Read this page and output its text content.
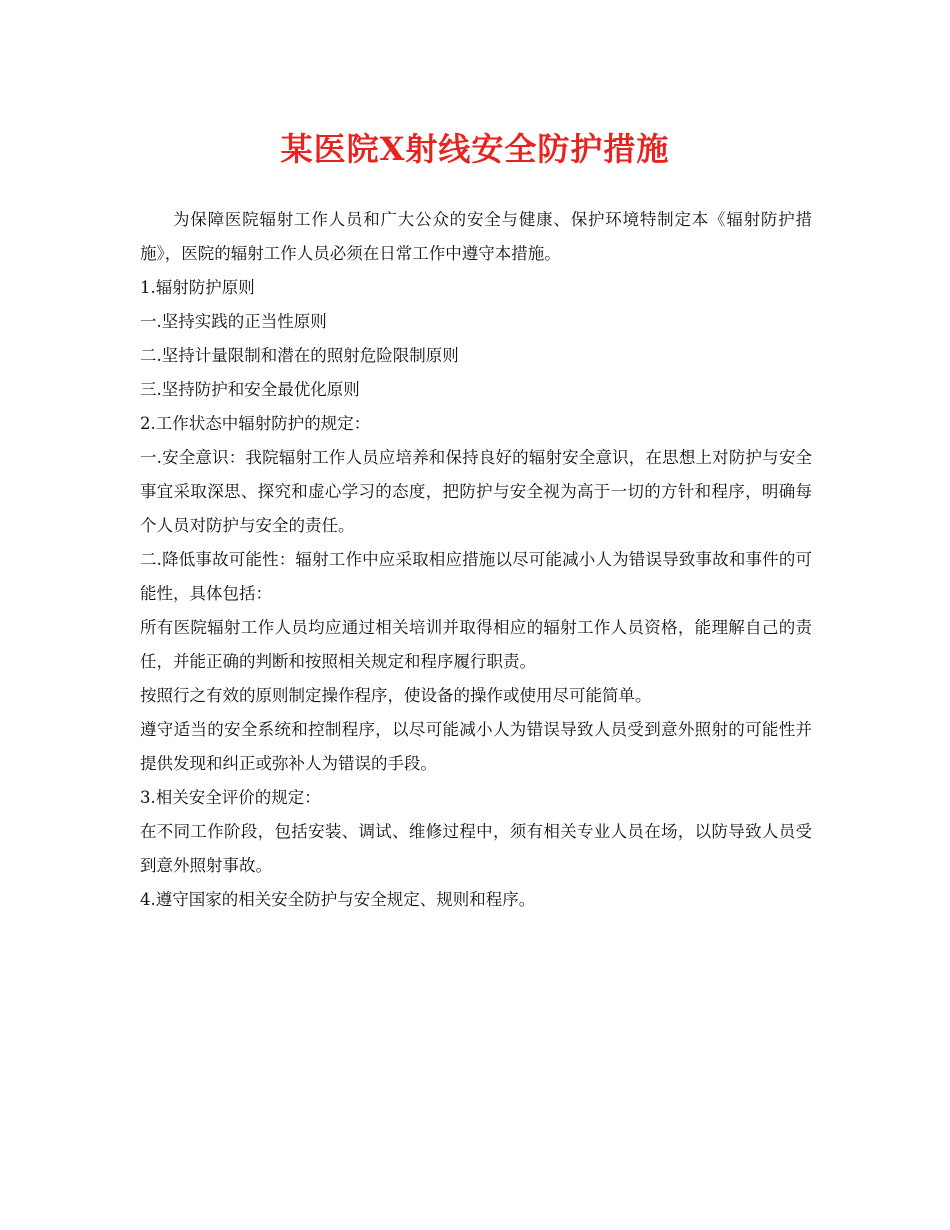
某医院X射线安全防护措施

为保障医院辐射工作人员和广大公众的安全与健康、保护环境特制定本《辐射防护措施》，医院的辐射工作人员必须在日常工作中遵守本措施。

1.辐射防护原则

一.坚持实践的正当性原则

二.坚持计量限制和潜在的照射危险限制原则

三.坚持防护和安全最优化原则

2.工作状态中辐射防护的规定：

一.安全意识：我院辐射工作人员应培养和保持良好的辐射安全意识，在思想上对防护与安全事宜采取深思、探究和虚心学习的态度，把防护与安全视为高于一切的方针和程序，明确每个人员对防护与安全的责任。

二.降低事故可能性：辐射工作中应采取相应措施以尽可能减小人为错误导致事故和事件的可能性，具体包括：

所有医院辐射工作人员均应通过相关培训并取得相应的辐射工作人员资格，能理解自己的责任，并能正确的判断和按照相关规定和程序履行职责。

按照行之有效的原则制定操作程序，使设备的操作或使用尽可能简单。

遵守适当的安全系统和控制程序，以尽可能减小人为错误导致人员受到意外照射的可能性并提供发现和纠正或弥补人为错误的手段。

3.相关安全评价的规定：

在不同工作阶段，包括安装、调试、维修过程中，须有相关专业人员在场，以防导致人员受到意外照射事故。

4.遵守国家的相关安全防护与安全规定、规则和程序。
